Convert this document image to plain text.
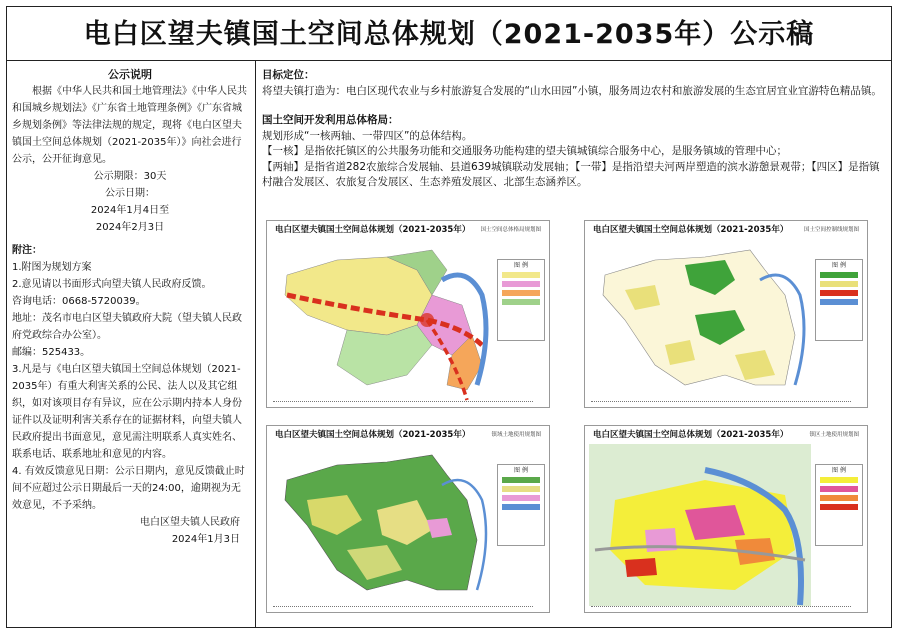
电白区望夫镇国土空间总体规划（2021-2035年）公示稿

公示说明

根据《中华人民共和国土地管理法》《中华人民共和国城乡规划法》《广东省土地管理条例》《广东省城乡规划条例》等法律法规的规定，现将《电白区望夫镇国土空间总体规划（2021-2035年）》向社会进行公示，公开征询意见。

公示期限：30天

公示日期：

2024年1月4日至

2024年2月3日

附注：

1.附图为规划方案

2.意见请以书面形式向望夫镇人民政府反馈。

咨询电话：0668-5720039。

地址：茂名市电白区望夫镇政府大院（望夫镇人民政府党政综合办公室）。

邮编：525433。

3.凡是与《电白区望夫镇国土空间总体规划（2021-2035年）有重大利害关系的公民、法人以及其它组织，如对该项目存有异议，应在公示期内持本人身份证件以及证明利害关系存在的证据材料，向望夫镇人民政府提出书面意见，意见需注明联系人真实姓名、联系电话、联系地址和意见的内容。

4. 有效反馈意见日期：公示日期内，意见反馈截止时间不应超过公示日期最后一天的24:00，逾期视为无效意见，不予采纳。

电白区望夫镇人民政府

2024年1月3日

目标定位：

将望夫镇打造为：电白区现代农业与乡村旅游复合发展的“山水田园”小镇，服务周边农村和旅游发展的生态宜居宜业宜游特色精品镇。

国土空间开发利用总体格局：

规划形成“一核两轴、一带四区”的总体结构。

【一核】是指依托镇区的公共服务功能和交通服务功能构建的望夫镇城镇综合服务中心，是服务镇域的管理中心；

【两轴】是指省道282农旅综合发展轴、县道639城镇联动发展轴；【一带】是指沿望夫河两岸塑造的滨水游憩景观带；【四区】是指镇村融合发展区、农旅复合发展区、生态养殖发展区、北部生态涵养区。

电白区望夫镇国土空间总体规划（2021-2035年） 国土空间总体格局规划图
图 例
电白区望夫镇国土空间总体规划（2021-2035年）	国土空间控制线规划图
图 例
电白区望夫镇国土空间总体规划（2021-2035年）	镇域土地使用规划图
图 例
电白区望夫镇国土空间总体规划（2021-2035年）	镇区土地使用规划图
图 例
